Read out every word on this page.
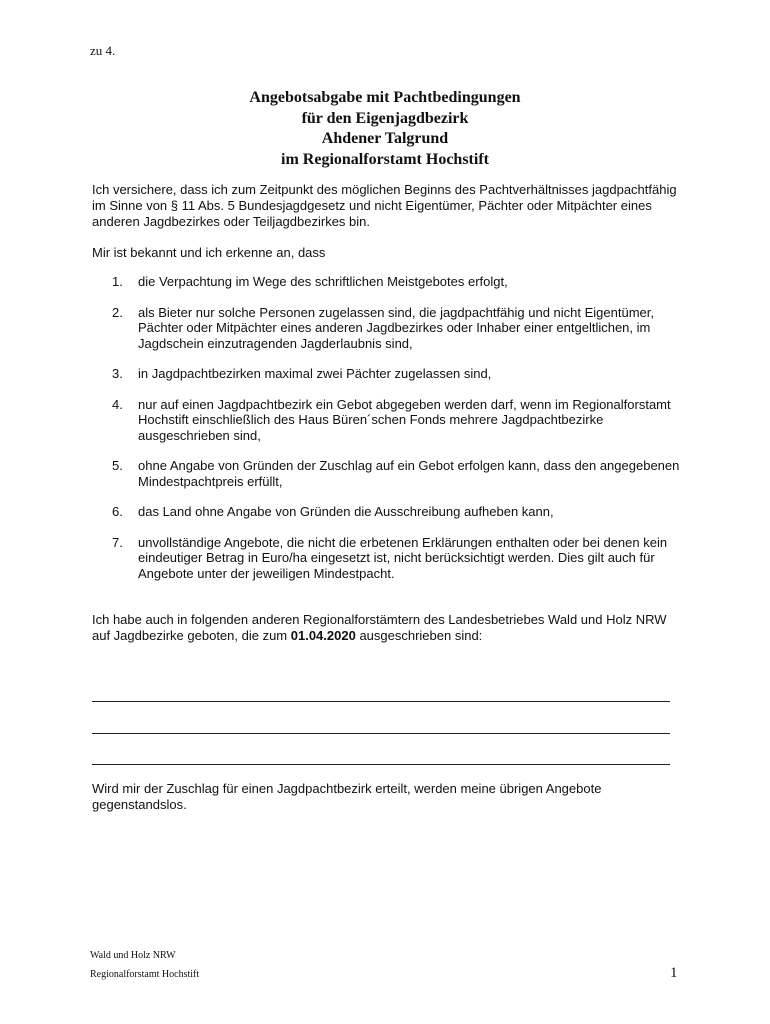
zu 4.
Angebotsabgabe mit Pachtbedingungen
für den Eigenjagdbezirk
Ahdener Talgrund
im Regionalforstamt Hochstift
Ich versichere, dass ich zum Zeitpunkt des möglichen Beginns des Pachtverhältnisses jagdpachtfähig im Sinne von § 11 Abs. 5 Bundesjagdgesetz und nicht Eigentümer, Pächter oder Mitpächter eines anderen Jagdbezirkes oder Teiljagdbezirkes bin.
Mir ist bekannt und ich erkenne an, dass
1. die Verpachtung im Wege des schriftlichen Meistgebotes erfolgt,
2. als Bieter nur solche Personen zugelassen sind, die jagdpachtfähig und nicht Eigentümer, Pächter oder Mitpächter eines anderen Jagdbezirkes oder Inhaber einer entgeltlichen, im Jagdschein einzutragenden Jagderlaubnis sind,
3. in Jagdpachtbezirken maximal zwei Pächter zugelassen sind,
4. nur auf einen Jagdpachtbezirk ein Gebot abgegeben werden darf, wenn im Regionalforstamt Hochstift einschließlich des Haus Büren´schen Fonds mehrere Jagdpachtbezirke ausgeschrieben sind,
5. ohne Angabe von Gründen der Zuschlag auf ein Gebot erfolgen kann, dass den angegebenen Mindestpachtpreis erfüllt,
6. das Land ohne Angabe von Gründen die Ausschreibung aufheben kann,
7. unvollständige Angebote, die nicht die erbetenen Erklärungen enthalten oder bei denen kein eindeutiger Betrag in Euro/ha eingesetzt ist, nicht berücksichtigt werden. Dies gilt auch für Angebote unter der jeweiligen Mindestpacht.
Ich habe auch in folgenden anderen Regionalforstämtern des Landesbetriebes Wald und Holz NRW auf Jagdbezirke geboten, die zum 01.04.2020 ausgeschrieben sind:
Wird mir der Zuschlag für einen Jagdpachtbezirk erteilt, werden meine übrigen Angebote gegenstandslos.
Wald und Holz NRW
Regionalforstamt Hochstift	1
